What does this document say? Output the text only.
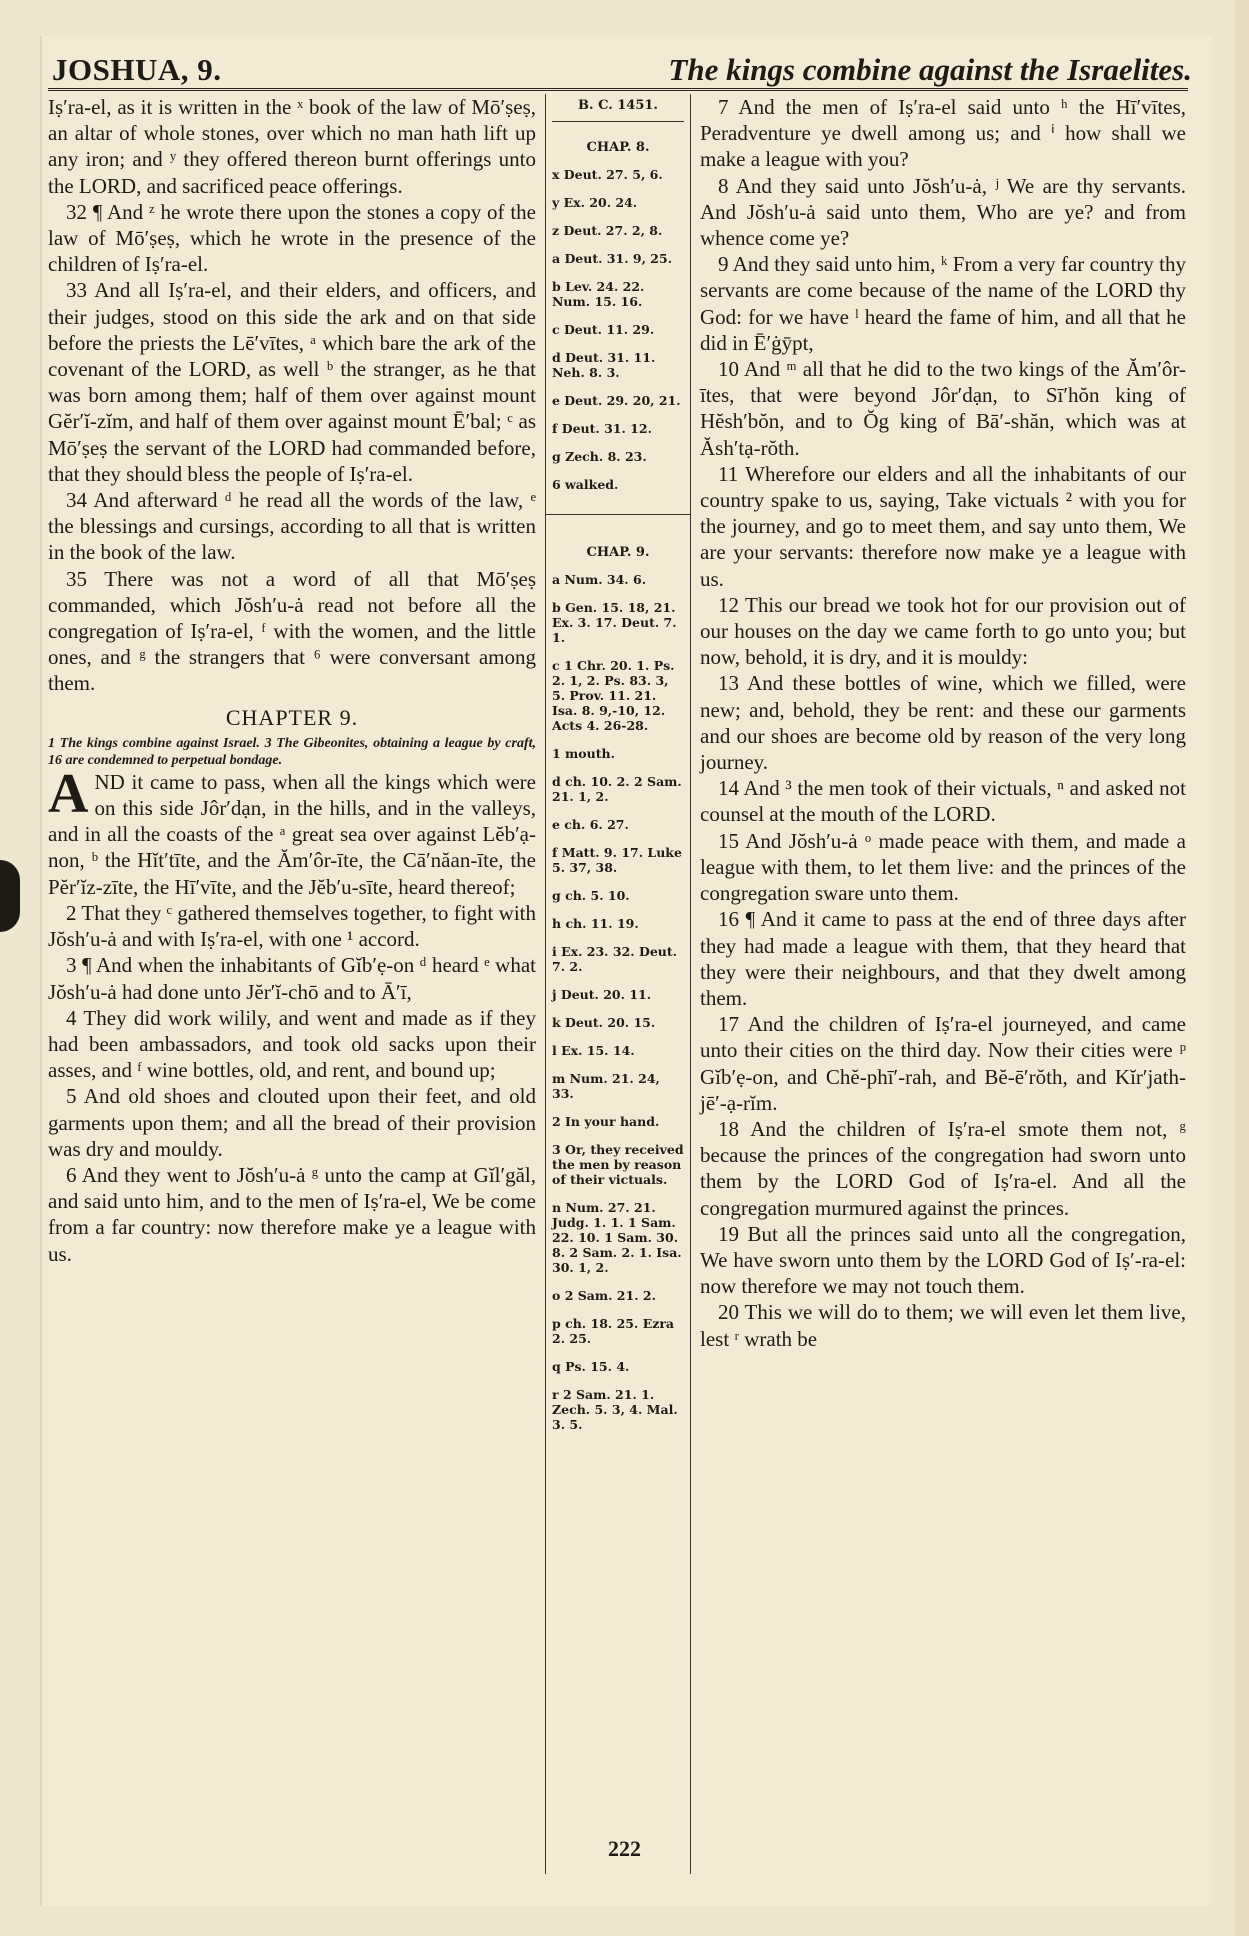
JOSHUA, 9.	The kings combine against the Israelites.

Iṣ′ra-el, as it is written in the ˣ book of the law of Mō′ṣeṣ, an altar of whole stones, over which no man hath lift up any iron; and ʸ they offered thereon burnt offerings unto the LORD, and sacrificed peace offerings.

32 ¶ And ᶻ he wrote there upon the stones a copy of the law of Mō′ṣeṣ, which he wrote in the presence of the children of Iṣ′ra-el.

33 And all Iṣ′ra-el, and their elders, and officers, and their judges, stood on this side the ark and on that side before the priests the Lē′vītes, ᵃ which bare the ark of the covenant of the LORD, as well ᵇ the stranger, as he that was born among them; half of them over against mount Gĕr′ĭ-zĭm, and half of them over against mount Ē′bal; ᶜ as Mō′ṣeṣ the servant of the LORD had commanded before, that they should bless the people of Iṣ′ra-el.

34 And afterward ᵈ he read all the words of the law, ᵉ the blessings and cursings, according to all that is written in the book of the law.

35 There was not a word of all that Mō′ṣeṣ commanded, which Jŏsh′u-ȧ read not before all the congregation of Iṣ′ra-el, ᶠ with the women, and the little ones, and ᵍ the strangers that ⁶ were conversant among them.

CHAPTER 9.

1 The kings combine against Israel. 3 The Gibeonites, obtaining a league by craft, 16 are condemned to perpetual bondage.

AND it came to pass, when all the kings which were on this side Jôr′dạn, in the hills, and in the valleys, and in all the coasts of the ᵃ great sea over against Lĕb′ạ-non, ᵇ the Hĭt′tīte, and the Ăm′ôr-īte, the Cā′năan-īte, the Pĕr′ĭz-zīte, the Hī′vīte, and the Jĕb′u-sīte, heard thereof;

2 That they ᶜ gathered themselves together, to fight with Jŏsh′u-ȧ and with Iṣ′ra-el, with one ¹ accord.

3 ¶ And when the inhabitants of Gĭb′ẹ-on ᵈ heard ᵉ what Jŏsh′u-ȧ had done unto Jĕr′ĭ-chō and to Ā′ī,

4 They did work wilily, and went and made as if they had been ambassadors, and took old sacks upon their asses, and ᶠ wine bottles, old, and rent, and bound up;

5 And old shoes and clouted upon their feet, and old garments upon them; and all the bread of their provision was dry and mouldy.

6 And they went to Jŏsh′u-ȧ ᵍ unto the camp at Gĭl′găl, and said unto him, and to the men of Iṣ′ra-el, We be come from a far country: now therefore make ye a league with us.

B. C. 1451.
CHAP. 8.
x Deut. 27. 5, 6.
y Ex. 20. 24.
z Deut. 27. 2, 8.
a Deut. 31. 9, 25.
b Lev. 24. 22. Num. 15. 16.
c Deut. 11. 29.
d Deut. 31. 11. Neh. 8. 3.
e Deut. 29. 20, 21.
f Deut. 31. 12.
g Zech. 8. 23.
6 walked.
CHAP. 9.
a Num. 34. 6.
b Gen. 15. 18, 21. Ex. 3. 17. Deut. 7. 1.
c 1 Chr. 20. 1. Ps. 2. 1, 2. Ps. 83. 3, 5. Prov. 11. 21. Isa. 8. 9,-10, 12. Acts 4. 26-28.
1 mouth.
d ch. 10. 2. 2 Sam. 21. 1, 2.
e ch. 6. 27.
f Matt. 9. 17. Luke 5. 37, 38.
g ch. 5. 10.
h ch. 11. 19.
i Ex. 23. 32. Deut. 7. 2.
j Deut. 20. 11.
k Deut. 20. 15.
l Ex. 15. 14.
m Num. 21. 24, 33.
2 In your hand.
3 Or, they received the men by reason of their victuals.
n Num. 27. 21. Judg. 1. 1. 1 Sam. 22. 10. 1 Sam. 30. 8. 2 Sam. 2. 1. Isa. 30. 1, 2.
o 2 Sam. 21. 2.
p ch. 18. 25. Ezra 2. 25.
q Ps. 15. 4.
r 2 Sam. 21. 1. Zech. 5. 3, 4. Mal. 3. 5.

7 And the men of Iṣ′ra-el said unto ʰ the Hī′vītes, Peradventure ye dwell among us; and ⁱ how shall we make a league with you?

8 And they said unto Jŏsh′u-ȧ, ʲ We are thy servants. And Jŏsh′u-ȧ said unto them, Who are ye? and from whence come ye?

9 And they said unto him, ᵏ From a very far country thy servants are come because of the name of the LORD thy God: for we have ˡ heard the fame of him, and all that he did in Ē′ġȳpt,

10 And ᵐ all that he did to the two kings of the Ăm′ôr-ītes, that were beyond Jôr′dạn, to Sī′hŏn king of Hĕsh′bŏn, and to Ŏg king of Bā′-shăn, which was at Ăsh′tạ-rŏth.

11 Wherefore our elders and all the inhabitants of our country spake to us, saying, Take victuals ² with you for the journey, and go to meet them, and say unto them, We are your servants: therefore now make ye a league with us.

12 This our bread we took hot for our provision out of our houses on the day we came forth to go unto you; but now, behold, it is dry, and it is mouldy:

13 And these bottles of wine, which we filled, were new; and, behold, they be rent: and these our garments and our shoes are become old by reason of the very long journey.

14 And ³ the men took of their victuals, ⁿ and asked not counsel at the mouth of the LORD.

15 And Jŏsh′u-ȧ ᵒ made peace with them, and made a league with them, to let them live: and the princes of the congregation sware unto them.

16 ¶ And it came to pass at the end of three days after they had made a league with them, that they heard that they were their neighbours, and that they dwelt among them.

17 And the children of Iṣ′ra-el journeyed, and came unto their cities on the third day. Now their cities were ᵖ Gĭb′ẹ-on, and Chĕ-phī′-rah, and Bĕ-ē′rŏth, and Kĭr′jath-jē′-ạ-rĭm.

18 And the children of Iṣ′ra-el smote them not, ᵍ because the princes of the congregation had sworn unto them by the LORD God of Iṣ′ra-el. And all the congregation murmured against the princes.

19 But all the princes said unto all the congregation, We have sworn unto them by the LORD God of Iṣ′-ra-el: now therefore we may not touch them.

20 This we will do to them; we will even let them live, lest ʳ wrath be

222
